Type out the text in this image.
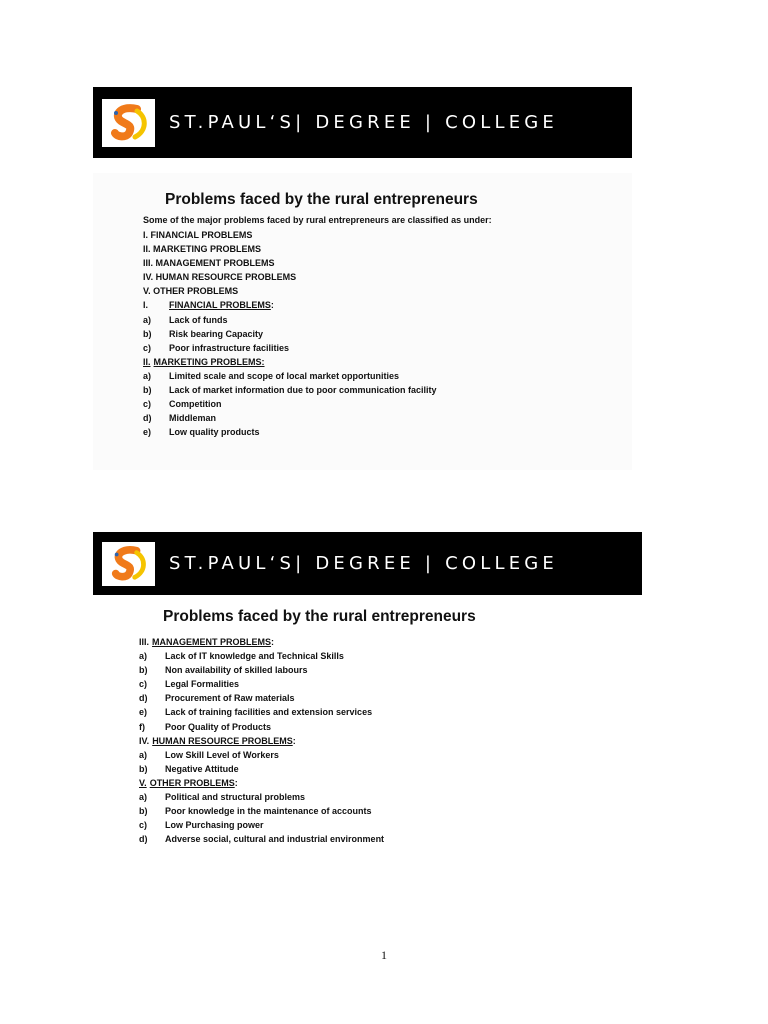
ST.PAUL‘S| DEGREE | COLLEGE
Problems faced by the rural entrepreneurs
Some of the major problems faced by rural entrepreneurs are classified as under:
I. FINANCIAL PROBLEMS
II. MARKETING PROBLEMS
III. MANAGEMENT PROBLEMS
IV. HUMAN RESOURCE PROBLEMS
V. OTHER PROBLEMS
I.	FINANCIAL PROBLEMS :
a)	Lack of funds
b)	Risk bearing Capacity
c)	Poor infrastructure facilities
II. MARKETING PROBLEMS:
a)	Limited scale and scope of local market opportunities
b)	Lack of market information due to poor communication facility
c)	Competition
d)	Middleman
e)	Low quality products
ST.PAUL‘S| DEGREE | COLLEGE
Problems faced by the rural entrepreneurs
III. MANAGEMENT PROBLEMS :
a)	Lack of IT knowledge and Technical Skills
b)	Non availability of skilled labours
c)	Legal Formalities
d)	Procurement of Raw materials
e)	Lack of training facilities and extension services
f)	Poor Quality of Products
IV. HUMAN RESOURCE PROBLEMS :
a)	Low Skill Level of Workers
b)	Negative Attitude
V. OTHER PROBLEMS :
a)	Political and structural problems
b)	Poor knowledge in the maintenance of accounts
c)	Low Purchasing power
d)	Adverse social, cultural and industrial environment
1
